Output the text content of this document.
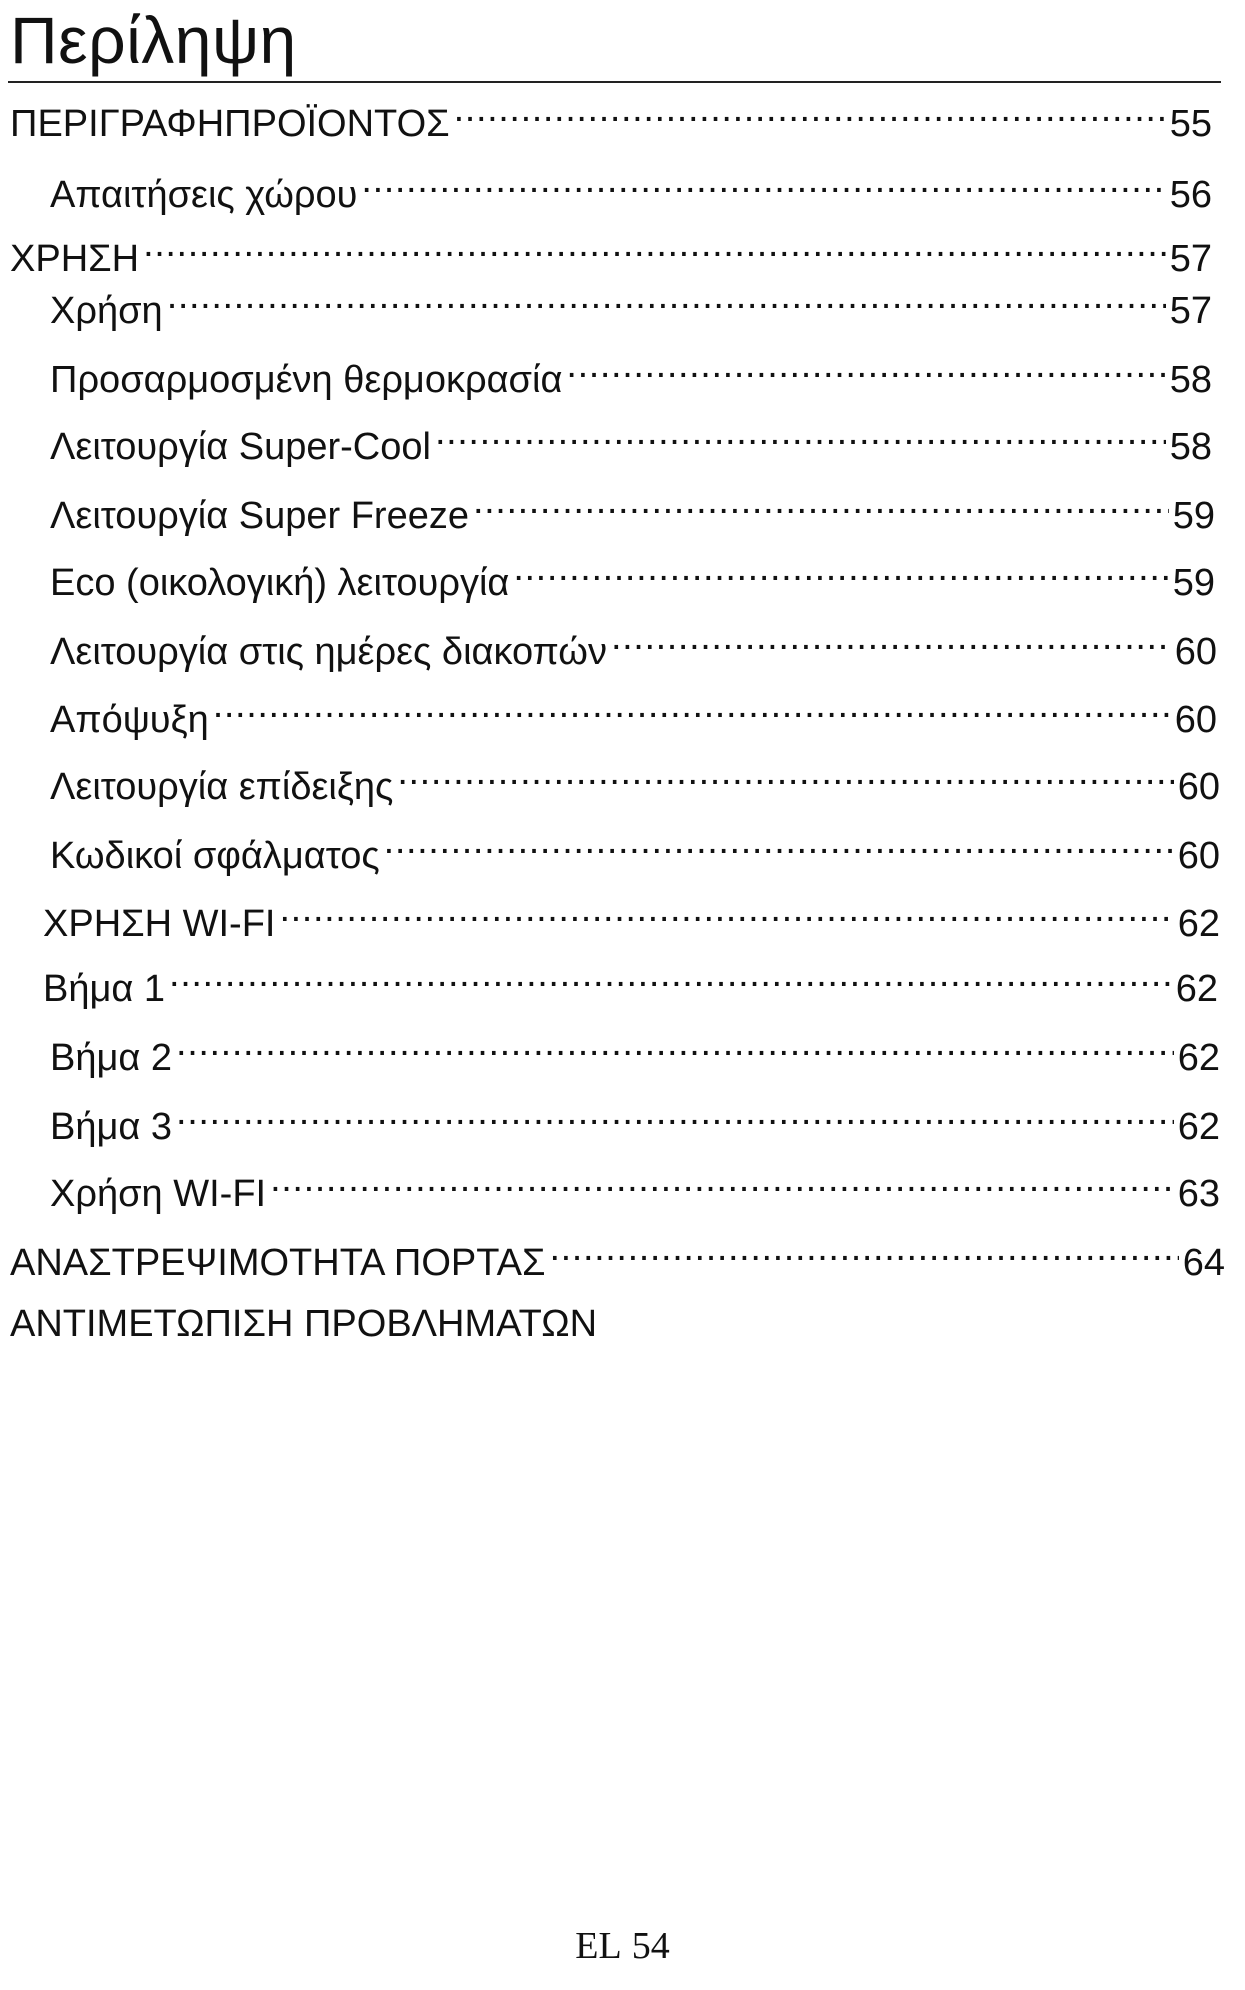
Περίληψη
ΠΕΡΙΓΡΑΦΗΠΡΟΪΟΝΤΟΣ .....	55
Απαιτήσεις χώρου .....	56
ΧΡΗΣΗ .....	57
Χρήση .....	57
Προσαρμοσμένη θερμοκρασία .....	58
Λειτουργία Super-Cool .....	58
Λειτουργία Super Freeze .....	59
Eco (οικολογική) λειτουργία .....	59
Λειτουργία στις ημέρες διακοπών .....	60
Απόψυξη .....	60
Λειτουργία επίδειξης .....	60
Κωδικοί σφάλματος .....	60
ΧΡΗΣΗ WI-FI .....	62
Βήμα 1 .....	62
Βήμα 2 .....	62
Βήμα 3 .....	62
Χρήση WI-FI .....	63
ΑΝΑΣΤΡΕΨΙΜΟΤΗΤΑ ΠΟΡΤΑΣ .....	64
ΑΝΤΙΜΕΤΩΠΙΣΗ ΠΡΟΒΛΗΜΑΤΩΝ
EL 54
